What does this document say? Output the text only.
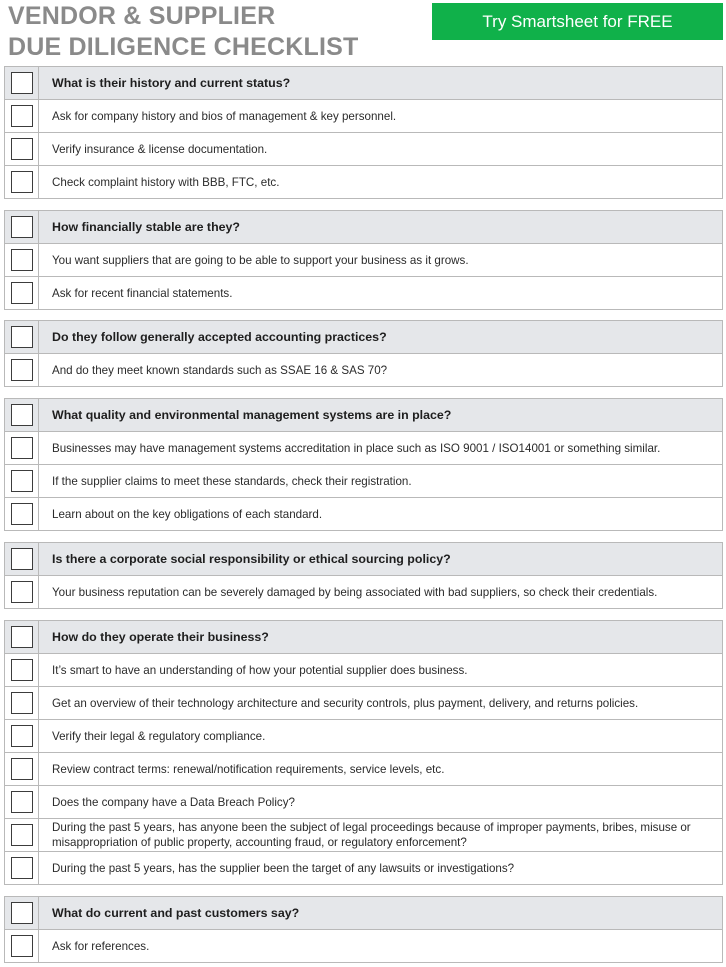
VENDOR & SUPPLIER
DUE DILIGENCE CHECKLIST
Try Smartsheet for FREE
What is their history and current status?
Ask for company history and bios of management & key personnel.
Verify insurance & license documentation.
Check complaint history with BBB, FTC, etc.
How financially stable are they?
You want suppliers that are going to be able to support your business as it grows.
Ask for recent financial statements.
Do they follow generally accepted accounting practices?
And do they meet known standards such as SSAE 16 & SAS 70?
What quality and environmental management systems are in place?
Businesses may have management systems accreditation in place such as ISO 9001 / ISO14001 or something similar.
If the supplier claims to meet these standards, check their registration.
Learn about on the key obligations of each standard.
Is there a corporate social responsibility or ethical sourcing policy?
Your business reputation can be severely damaged by being associated with bad suppliers, so check their credentials.
How do they operate their business?
It’s smart to have an understanding of how your potential supplier does business.
Get an overview of their technology architecture and security controls, plus payment, delivery, and returns policies.
Verify their legal & regulatory compliance.
Review contract terms: renewal/notification requirements, service levels, etc.
Does the company have a Data Breach Policy?
During the past 5 years, has anyone been the subject of legal proceedings because of improper payments, bribes, misuse or misappropriation of public property, accounting fraud, or regulatory enforcement?
During the past 5 years, has the supplier been the target of any lawsuits or investigations?
What do current and past customers say?
Ask for references.
